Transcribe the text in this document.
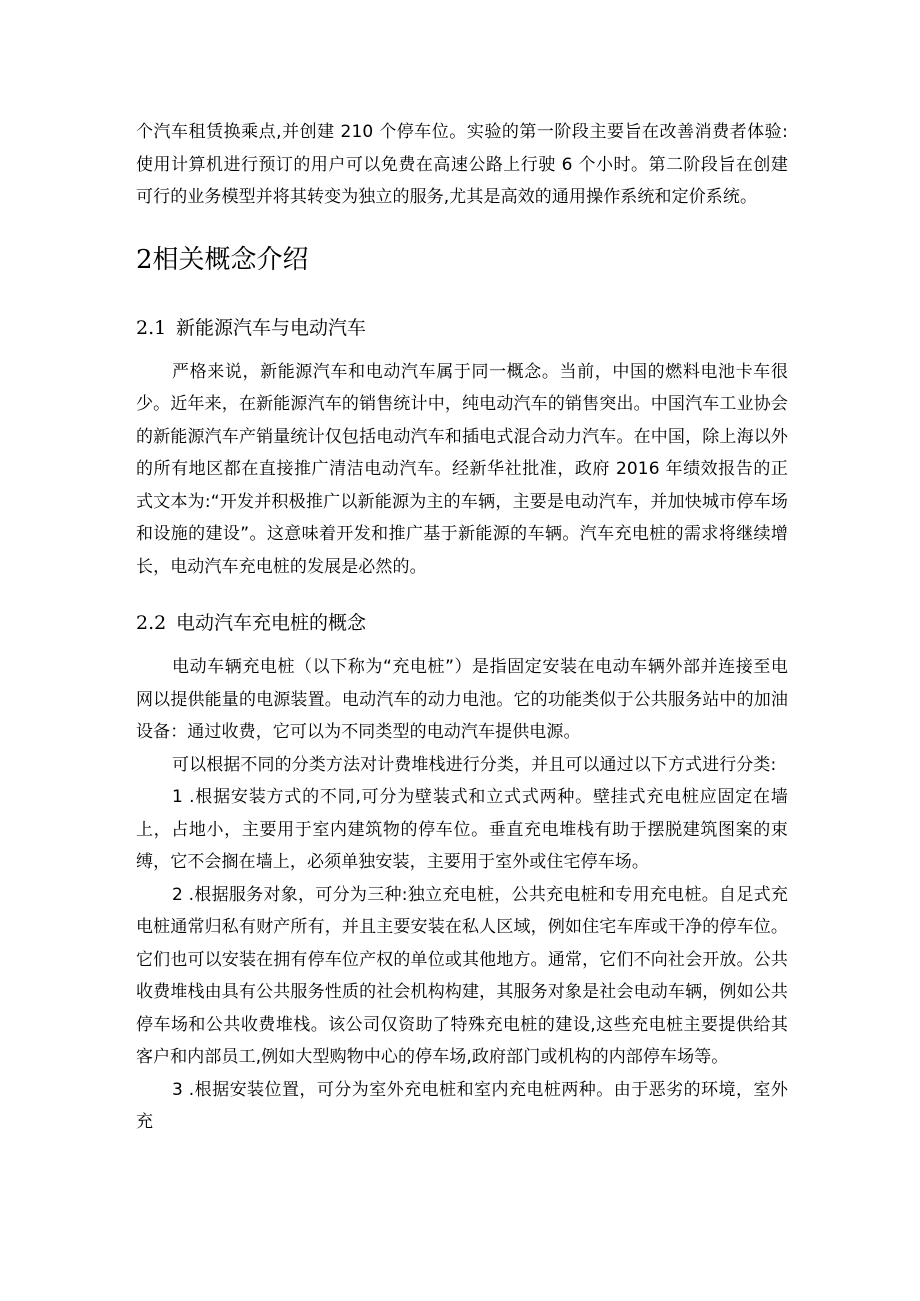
个汽车租赁换乘点,并创建 210 个停车位。实验的第一阶段主要旨在改善消费者体验:使用计算机进行预订的用户可以免费在高速公路上行驶 6 个小时。第二阶段旨在创建可行的业务模型并将其转变为独立的服务,尤其是高效的通用操作系统和定价系统。

2相关概念介绍
2.1 新能源汽车与电动汽车

严格来说，新能源汽车和电动汽车属于同一概念。当前，中国的燃料电池卡车很少。近年来，在新能源汽车的销售统计中，纯电动汽车的销售突出。中国汽车工业协会的新能源汽车产销量统计仅包括电动汽车和插电式混合动力汽车。在中国，除上海以外的所有地区都在直接推广清洁电动汽车。经新华社批准，政府 2016 年绩效报告的正式文本为:“开发并积极推广以新能源为主的车辆，主要是电动汽车，并加快城市停车场和设施的建设”。这意味着开发和推广基于新能源的车辆。汽车充电桩的需求将继续增长，电动汽车充电桩的发展是必然的。

2.2 电动汽车充电桩的概念

电动车辆充电桩（以下称为“充电桩”）是指固定安装在电动车辆外部并连接至电网以提供能量的电源装置。电动汽车的动力电池。它的功能类似于公共服务站中的加油设备：通过收费，它可以为不同类型的电动汽车提供电源。

可以根据不同的分类方法对计费堆栈进行分类，并且可以通过以下方式进行分类:

1 .根据安装方式的不同,可分为壁装式和立式式两种。壁挂式充电桩应固定在墙上，占地小，主要用于室内建筑物的停车位。垂直充电堆栈有助于摆脱建筑图案的束缚，它不会搁在墙上，必须单独安装，主要用于室外或住宅停车场。

2 .根据服务对象，可分为三种:独立充电桩，公共充电桩和专用充电桩。自足式充电桩通常归私有财产所有，并且主要安装在私人区域，例如住宅车库或干净的停车位。它们也可以安装在拥有停车位产权的单位或其他地方。通常，它们不向社会开放。公共收费堆栈由具有公共服务性质的社会机构构建，其服务对象是社会电动车辆，例如公共停车场和公共收费堆栈。该公司仅资助了特殊充电桩的建设,这些充电桩主要提供给其客户和内部员工,例如大型购物中心的停车场,政府部门或机构的内部停车场等。

3 .根据安装位置，可分为室外充电桩和室内充电桩两种。由于恶劣的环境，室外充
